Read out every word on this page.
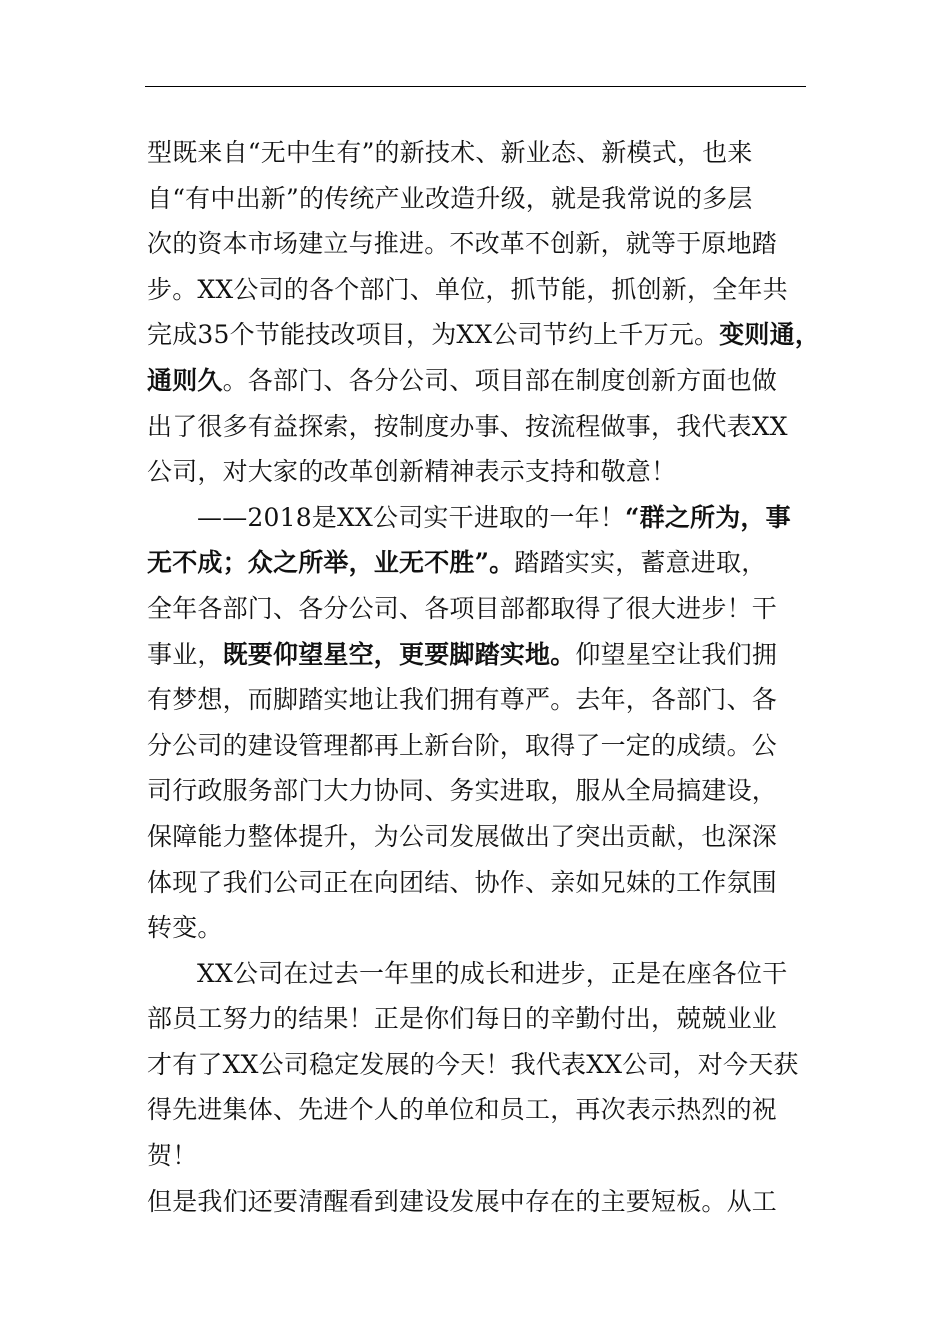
型既来自“无中生有”的新技术、新业态、新模式，也来
自“有中出新”的传统产业改造升级，就是我常说的多层
次的资本市场建立与推进。不改革不创新，就等于原地踏
步。XX公司的各个部门、单位，抓节能，抓创新，全年共
完成35个节能技改项目，为XX公司节约上千万元。变则通，
通则久。各部门、各分公司、项目部在制度创新方面也做
出了很多有益探索，按制度办事、按流程做事，我代表XX
公司，对大家的改革创新精神表示支持和敬意！
——2018是XX公司实干进取的一年！“群之所为，事
无不成；众之所举，业无不胜”。踏踏实实，蓄意进取，
全年各部门、各分公司、各项目部都取得了很大进步！干
事业，既要仰望星空，更要脚踏实地。仰望星空让我们拥
有梦想，而脚踏实地让我们拥有尊严。去年，各部门、各
分公司的建设管理都再上新台阶，取得了一定的成绩。公
司行政服务部门大力协同、务实进取，服从全局搞建设，
保障能力整体提升，为公司发展做出了突出贡献，也深深
体现了我们公司正在向团结、协作、亲如兄妹的工作氛围
转变。
XX公司在过去一年里的成长和进步，正是在座各位干
部员工努力的结果！正是你们每日的辛勤付出，兢兢业业
才有了XX公司稳定发展的今天！我代表XX公司，对今天获
得先进集体、先进个人的单位和员工，再次表示热烈的祝
贺！
但是我们还要清醒看到建设发展中存在的主要短板。从工
